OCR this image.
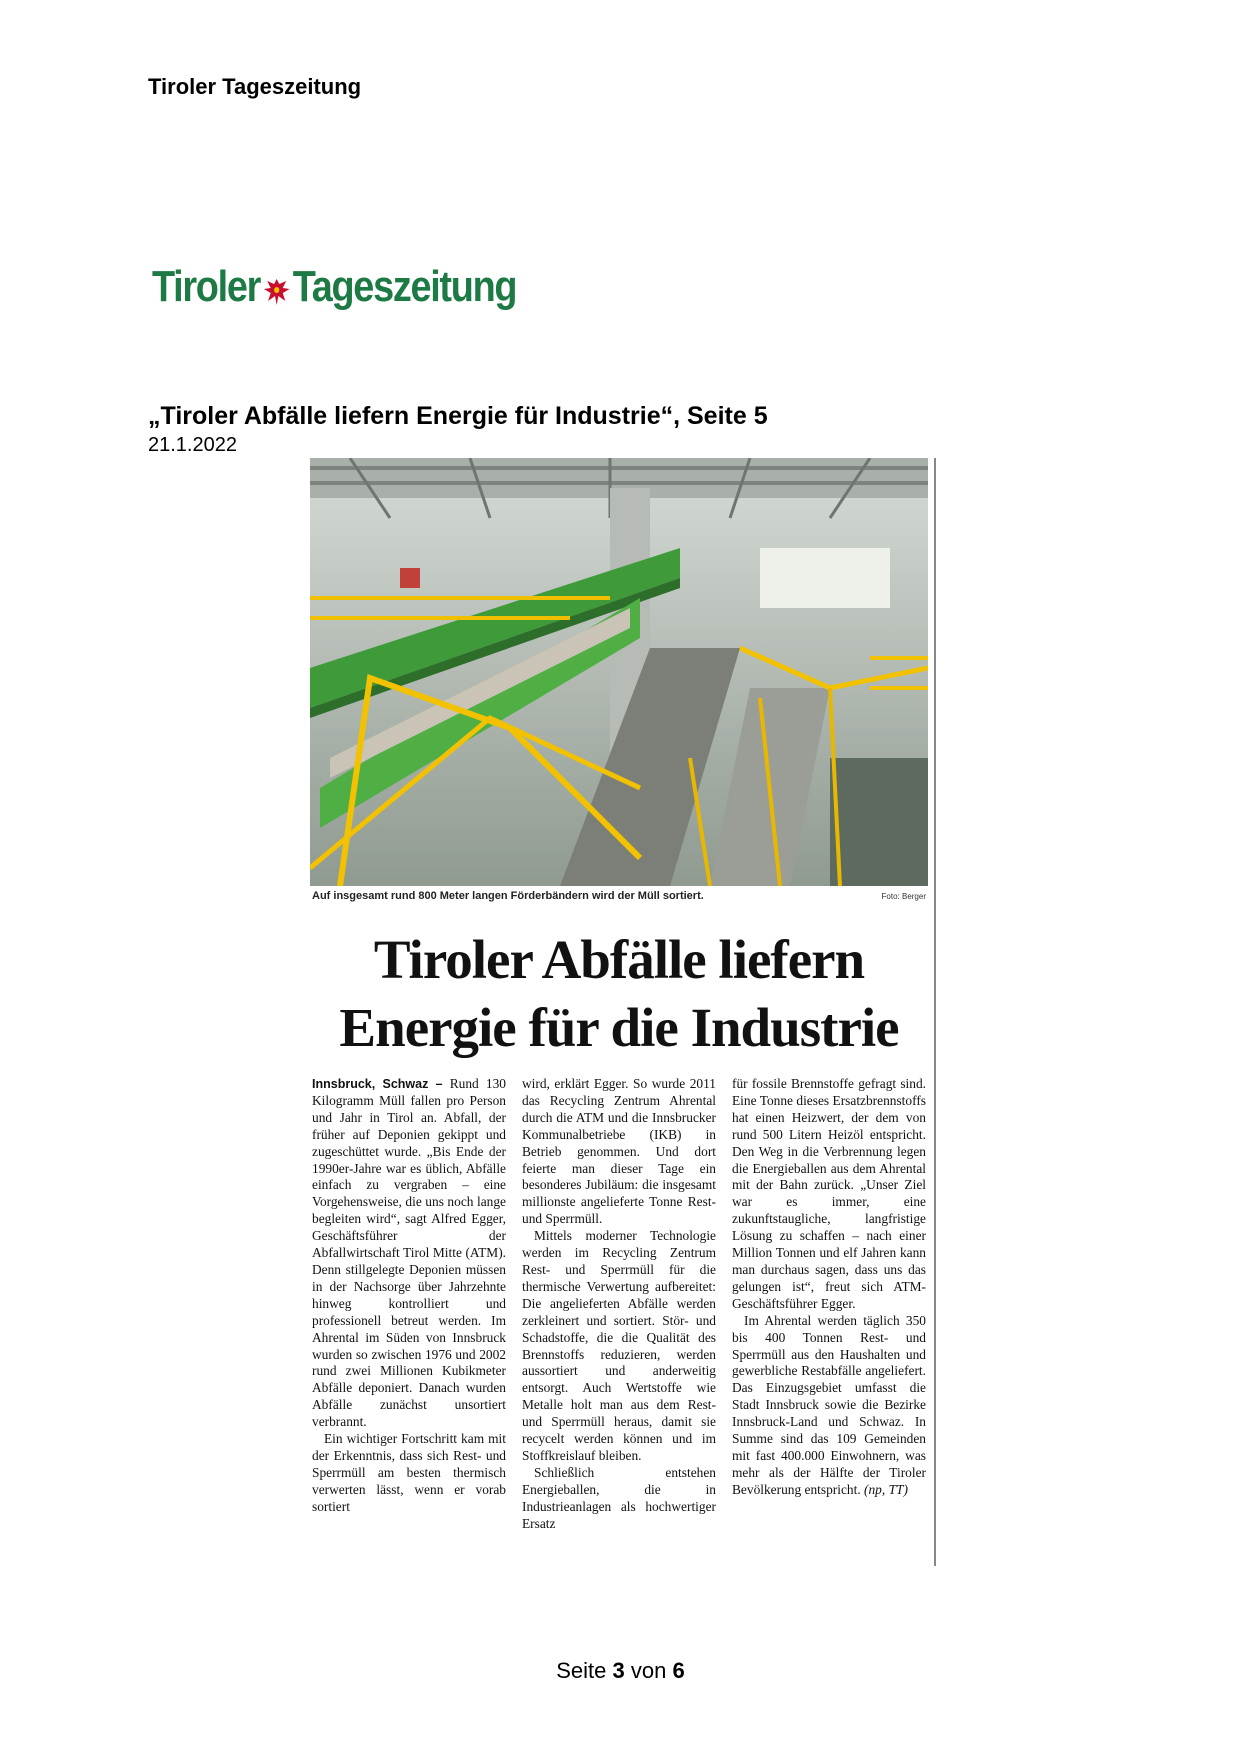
Tiroler Tageszeitung
Tiroler Tageszeitung
„Tiroler Abfälle liefern Energie für Industrie“, Seite 5
21.1.2022
Auf insgesamt rund 800 Meter langen Förderbändern wird der Müll sortiert.	Foto: Berger
Tiroler Abfälle liefern
Energie für die Industrie

Innsbruck, Schwaz – Rund 130 Kilogramm Müll fallen pro Person und Jahr in Tirol an. Abfall, der früher auf Deponien gekippt und zugeschüttet wurde. „Bis Ende der 1990er-Jahre war es üblich, Abfälle einfach zu vergraben – eine Vorgehensweise, die uns noch lange begleiten wird“, sagt Alfred Egger, Geschäftsführer der Abfallwirtschaft Tirol Mitte (ATM). Denn stillgelegte Deponien müssen in der Nachsorge über Jahrzehnte hinweg kontrolliert und professionell betreut werden. Im Ahrental im Süden von Innsbruck wurden so zwischen 1976 und 2002 rund zwei Millionen Kubikmeter Abfälle deponiert. Danach wurden Abfälle zunächst unsortiert verbrannt.

Ein wichtiger Fortschritt kam mit der Erkenntnis, dass sich Rest- und Sperrmüll am besten thermisch verwerten lässt, wenn er vorab sortiert

wird, erklärt Egger. So wurde 2011 das Recycling Zentrum Ahrental durch die ATM und die Innsbrucker Kommunalbetriebe (IKB) in Betrieb genommen. Und dort feierte man dieser Tage ein besonderes Jubiläum: die insgesamt millionste angelieferte Tonne Rest- und Sperrmüll.

Mittels moderner Technologie werden im Recycling Zentrum Rest- und Sperrmüll für die thermische Verwertung aufbereitet: Die angelieferten Abfälle werden zerkleinert und sortiert. Stör- und Schadstoffe, die die Qualität des Brennstoffs reduzieren, werden aussortiert und anderweitig entsorgt. Auch Wertstoffe wie Metalle holt man aus dem Rest- und Sperrmüll heraus, damit sie recycelt werden können und im Stoffkreislauf bleiben.

Schließlich entstehen Energieballen, die in Industrieanlagen als hochwertiger Ersatz

für fossile Brennstoffe gefragt sind. Eine Tonne dieses Ersatzbrennstoffs hat einen Heizwert, der dem von rund 500 Litern Heizöl entspricht. Den Weg in die Verbrennung legen die Energieballen aus dem Ahrental mit der Bahn zurück. „Unser Ziel war es immer, eine zukunftstaugliche, langfristige Lösung zu schaffen – nach einer Million Tonnen und elf Jahren kann man durchaus sagen, dass uns das gelungen ist“, freut sich ATM-Geschäftsführer Egger.

Im Ahrental werden täglich 350 bis 400 Tonnen Rest- und Sperrmüll aus den Haushalten und gewerbliche Restabfälle angeliefert. Das Einzugsgebiet umfasst die Stadt Innsbruck sowie die Bezirke Innsbruck-Land und Schwaz. In Summe sind das 109 Gemeinden mit fast 400.000 Einwohnern, was mehr als der Hälfte der Tiroler Bevölkerung entspricht. (np, TT)

Seite 3 von 6
